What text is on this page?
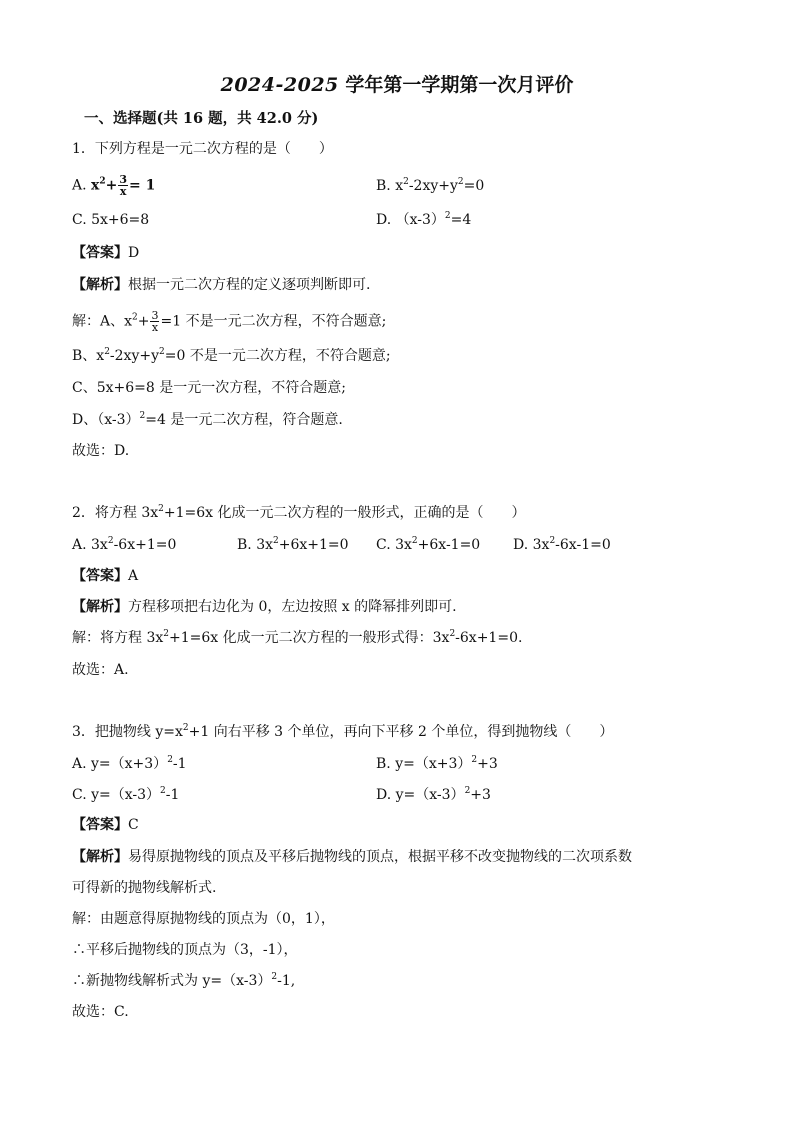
2024-2025 学年第一学期第一次月评价
一、选择题(共 16 题，共 42.0 分)
1．下列方程是一元二次方程的是（　　）
A. $x^2+ \frac{3}{x} = 1$	B. $x^2-2xy+y^2=0$
C. 5x+6=8	D. $(x-3)^2=4$
【答案】D
【解析】根据一元二次方程的定义逐项判断即可.
解：A、$x^2+ \frac{3}{x} =1$ 不是一元二次方程，不符合题意;
B、$x^2-2xy+y^2=0$ 不是一元二次方程，不符合题意;
C、5x+6=8 是一元一次方程，不符合题意;
D、$(x-3)^2=4$ 是一元二次方程，符合题意.
故选：D.
2．将方程 $3x^2+1=6x$ 化成一元二次方程的一般形式，正确的是（　　）
A. $3x^2-6x+1=0$	B. $3x^2+6x+1=0$ C. $3x^2+6x-1=0$ D. $3x^2-6x-1=0$
【答案】A
【解析】方程移项把右边化为 0，左边按照 x 的降幂排列即可.
解：将方程 $3x^2+1=6x$ 化成一元二次方程的一般形式得：$3x^2-6x+1=0$.
故选：A.
3．把抛物线 $y=x^2+1$ 向右平移 3 个单位，再向下平移 2 个单位，得到抛物线（　　）
A. $y=(x+3)^2-1$	B. $y=(x+3)^2+3$
C. $y=(x-3)^2-1$	D. $y=(x-3)^2+3$
【答案】C
【解析】易得原抛物线的顶点及平移后抛物线的顶点，根据平移不改变抛物线的二次项系数
可得新的抛物线解析式.
解：由题意得原抛物线的顶点为（0，1），
∴平移后抛物线的顶点为（3，-1），
∴新抛物线解析式为 $y=(x-3)^2-1$,
故选：C.
